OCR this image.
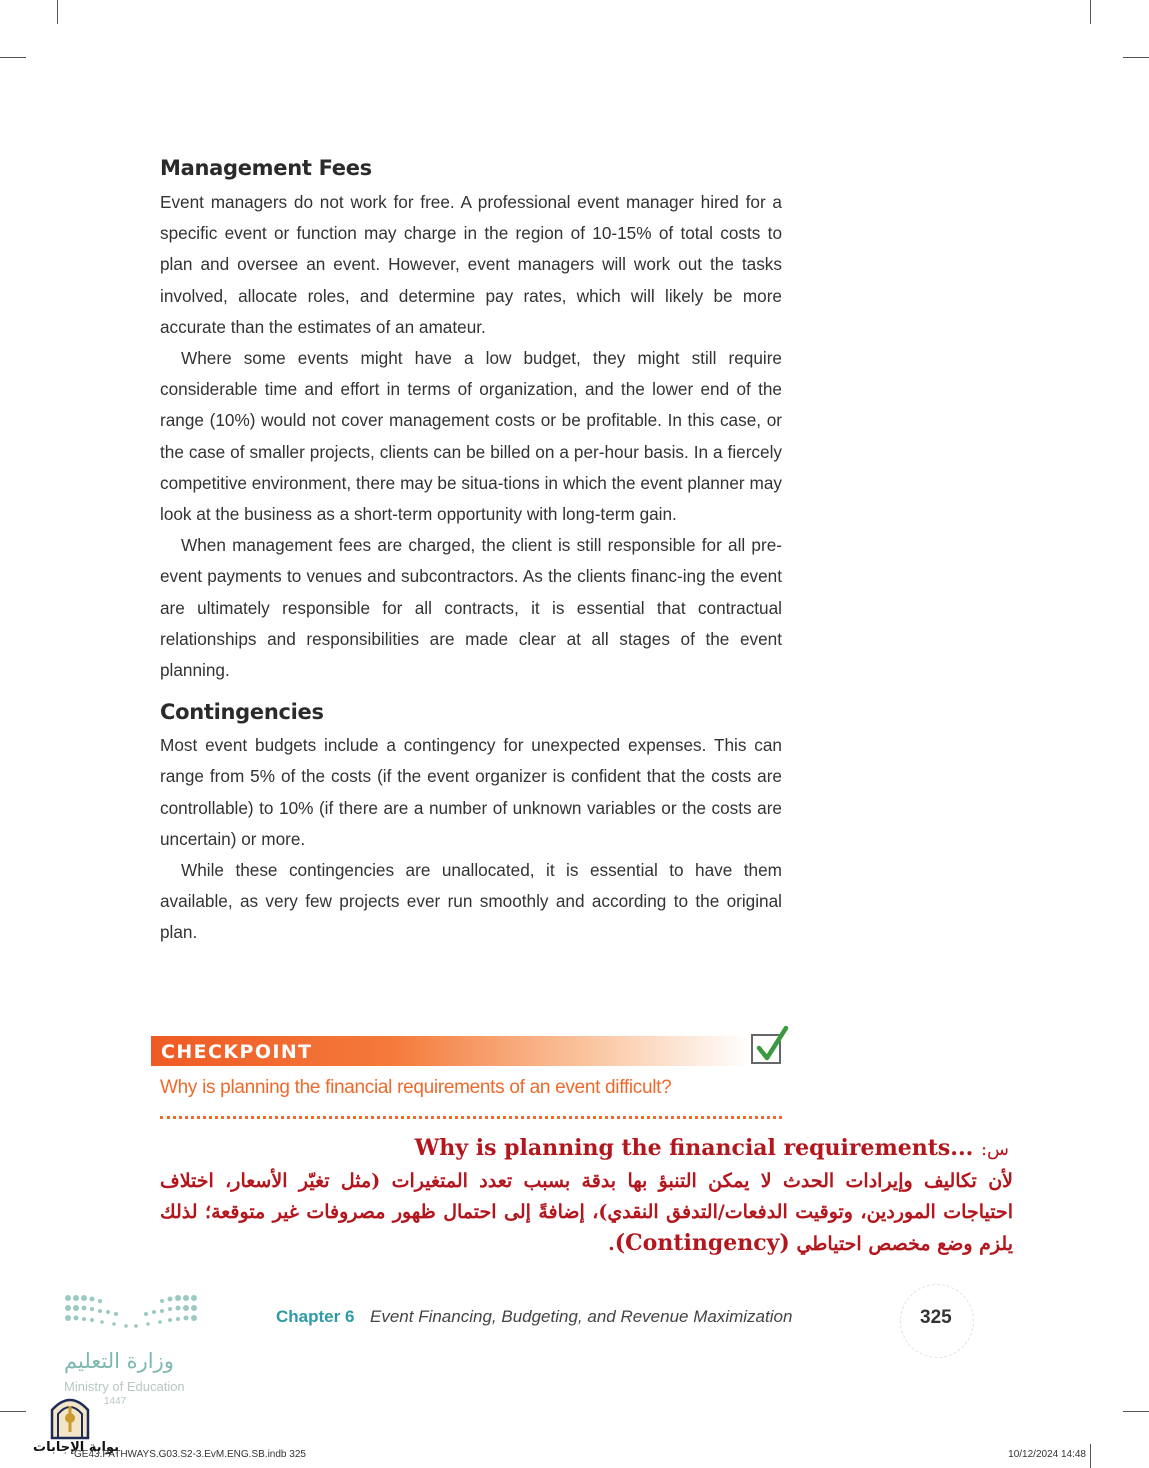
Management Fees

Event managers do not work for free. A professional event manager hired for a specific event or function may charge in the region of 10-15% of total costs to plan and oversee an event. However, event managers will work out the tasks involved, allocate roles, and determine pay rates, which will likely be more accurate than the estimates of an amateur.

Where some events might have a low budget, they might still require considerable time and effort in terms of organization, and the lower end of the range (10%) would not cover management costs or be profitable. In this case, or the case of smaller projects, clients can be billed on a per-hour basis. In a fiercely competitive environment, there may be situa-tions in which the event planner may look at the business as a short-term opportunity with long-term gain.

When management fees are charged, the client is still responsible for all pre-event payments to venues and subcontractors. As the clients financ-ing the event are ultimately responsible for all contracts, it is essential that contractual relationships and responsibilities are made clear at all stages of the event planning.

Contingencies

Most event budgets include a contingency for unexpected expenses. This can range from 5% of the costs (if the event organizer is confident that the costs are controllable) to 10% (if there are a number of unknown variables or the costs are uncertain) or more.

While these contingencies are unallocated, it is essential to have them available, as very few projects ever run smoothly and according to the original plan.

CHECKPOINT
Why is planning the financial requirements of an event difficult?
س: Why is planning the financial requirements...
لأن تكاليف وإيرادات الحدث لا يمكن التنبؤ بها بدقة بسبب تعدد المتغيرات (مثل تغيّر الأسعار، اختلاف احتياجات الموردين، وتوقيت الدفعات/التدفق النقدي)، إضافةً إلى احتمال ظهور مصروفات غير متوقعة؛ لذلك يلزم وضع مخصص احتياطي (Contingency).
Chapter 6 Event Financing, Budgeting, and Revenue Maximization	325
وزارة التعليم
Ministry of Education
1447
بوابة الإجابات
GE43.PATHWAYS.G03.S2-3.EvM.ENG.SB.indb 325	10/12/2024 14:48
